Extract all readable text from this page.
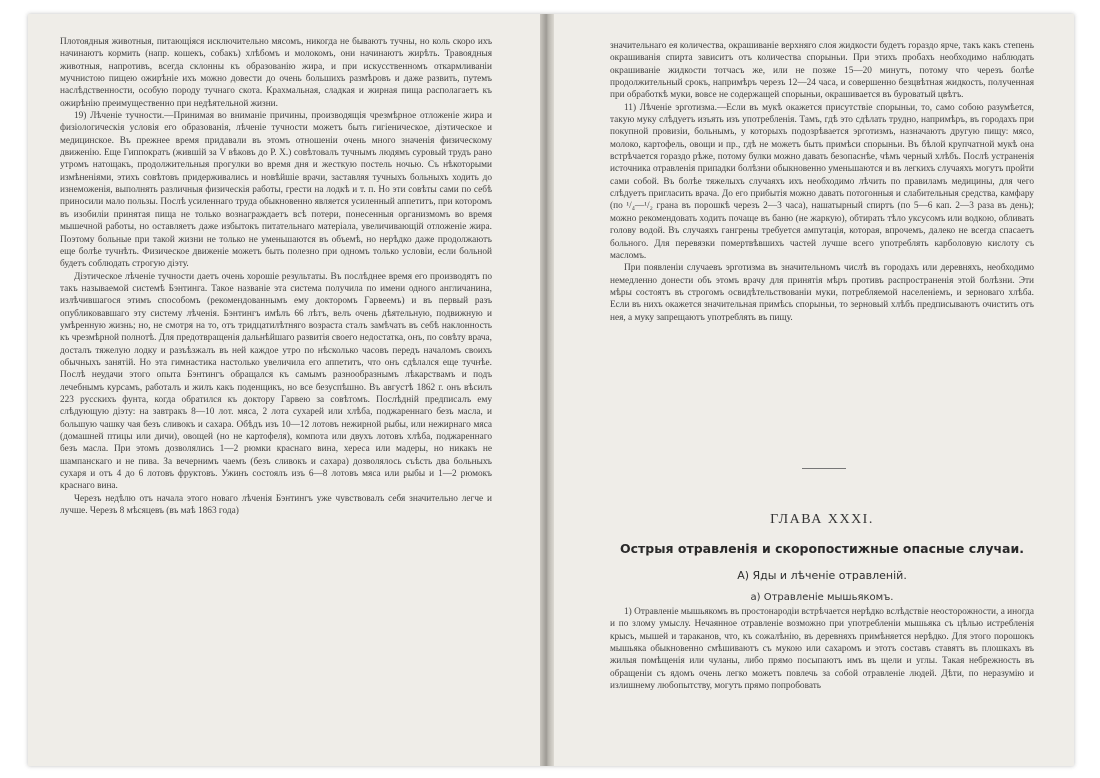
Плотоядныя животныя, питающіяся исключительно мясомъ, никогда не бываютъ тучны, но коль скоро ихъ начинаютъ кормить (напр. кошекъ, собакъ) хлѣбомъ и молокомъ, они начинаютъ жирѣть. Травоядныя животныя, напротивъ, всегда склонны къ образованію жира, и при искусственномъ откармливаніи мучнистою пищею ожирѣніе ихъ можно довести до очень большихъ размѣровъ и даже развить, путемъ наслѣдственности, особую породу тучнаго скота. Крахмальная, сладкая и жирная пища располагаетъ къ ожирѣнію преимущественно при недѣятельной жизни.

19) Лѣченіе тучности.—Принимая во вниманіе причины, производящія чрезмѣрное отложеніе жира и физіологическія условія его образованія, лѣченіе тучности можетъ быть гигіеническое, діэтическое и медицинское. Въ прежнее время придавали въ этомъ отношеніи очень много значенія физическому движенію. Еще Гиппократъ (жившій за V вѣковъ до Р. Х.) совѣтовалъ тучнымъ людямъ суровый трудъ рано утромъ натощакъ, продолжительныя прогулки во время дня и жесткую постель ночью. Съ нѣкоторыми измѣненіями, этихъ совѣтовъ придерживались и новѣйшіе врачи, заставляя тучныхъ больныхъ ходить до изнеможенія, выполнять различныя физическія работы, грести на лодкѣ и т. п. Но эти совѣты сами по себѣ приносили мало пользы. Послѣ усиленнаго труда обыкновенно является усиленный аппетитъ, при которомъ въ изобиліи принятая пища не только вознаграждаетъ всѣ потери, понесенныя организмомъ во время мышечной работы, но оставляетъ даже избытокъ питательнаго матеріала, увеличивающій отложеніе жира. Поэтому больные при такой жизни не только не уменьшаются въ объемѣ, но нерѣдко даже продолжаютъ еще болѣе тучнѣть. Физическое движеніе можетъ быть полезно при одномъ только условіи, если больной будетъ соблюдать строгую діэту.

Діэтическое лѣченіе тучности даетъ очень хорошіе результаты. Въ послѣднее время его производятъ по такъ называемой системѣ Бэнтинга. Такое названіе эта система получила по имени одного англичанина, излѣчившагося этимъ способомъ (рекомендованнымъ ему докторомъ Гарвеемъ) и въ первый разъ опубликовавшаго эту систему лѣченія. Бэнтингъ имѣлъ 66 лѣтъ, велъ очень дѣятельную, подвижную и умѣренную жизнь; но, не смотря на то, отъ тридцатилѣтняго возраста сталъ замѣчать въ себѣ наклонность къ чрезмѣрной полнотѣ. Для предотвращенія дальнѣйшаго развитія своего недостатка, онъ, по совѣту врача, досталъ тяжелую лодку и разъѣзжалъ въ ней каждое утро по нѣсколько часовъ передъ началомъ своихъ обычныхъ занятій. Но эта гимнастика настолько увеличила его аппетитъ, что онъ сдѣлался еще тучнѣе. Послѣ неудачи этого опыта Бэнтингъ обращался къ самымъ разнообразнымъ лѣкарствамъ и подъ лечебнымъ курсамъ, работалъ и жилъ какъ поденщикъ, но все безуспѣшно. Въ августѣ 1862 г. онъ вѣсилъ 223 русскихъ фунта, когда обратился къ доктору Гарвею за совѣтомъ. Послѣдній предписалъ ему слѣдующую діэту: на завтракъ 8—10 лот. мяса, 2 лота сухарей или хлѣба, поджареннаго безъ масла, и большую чашку чая безъ сливокъ и сахара. Обѣдъ изъ 10—12 лотовъ нежирной рыбы, или нежирнаго мяса (домашней птицы или дичи), овощей (но не картофеля), компота или двухъ лотовъ хлѣба, поджареннаго безъ масла. При этомъ дозволялись 1—2 рюмки краснаго вина, хереса или мадеры, но никакъ не шампанскаго и не пива. За вечернимъ чаемъ (безъ сливокъ и сахара) дозволялось съѣсть два больныхъ сухаря и отъ 4 до 6 лотовъ фруктовъ. Ужинъ состоялъ изъ 6—8 лотовъ мяса или рыбы и 1—2 рюмокъ краснаго вина.

Черезъ недѣлю отъ начала этого новаго лѣченія Бэнтингъ уже чувствовалъ себя значительно легче и лучше. Черезъ 8 мѣсяцевъ (въ маѣ 1863 года)

значительнаго ея количества, окрашиваніе верхняго слоя жидкости будетъ гораздо ярче, такъ какъ степень окрашиванія спирта зависитъ отъ количества спорыньи. При этихъ пробахъ необходимо наблюдать окрашиваніе жидкости тотчасъ же, или не позже 15—20 минутъ, потому что черезъ болѣе продолжительный срокъ, напримѣръ черезъ 12—24 часа, и совершенно безцвѣтная жидкость, полученная при обработкѣ муки, вовсе не содержащей спорыньи, окрашивается въ буроватый цвѣтъ.

11) Лѣченіе эрготизма.—Если въ мукѣ окажется присутствіе спорыньи, то, само собою разумѣется, такую муку слѣдуетъ изъять изъ употребленія. Тамъ, гдѣ это сдѣлать трудно, напримѣръ, въ городахъ при покупной провизіи, больнымъ, у которыхъ подозрѣвается эрготизмъ, назначаютъ другую пищу: мясо, молоко, картофель, овощи и пр., гдѣ не можетъ быть примѣси спорыньи. Въ бѣлой крупчатной мукѣ она встрѣчается гораздо рѣже, потому булки можно давать безопаснѣе, чѣмъ черный хлѣбъ. Послѣ устраненія источника отравленія припадки болѣзни обыкновенно уменьшаются и въ легкихъ случаяхъ могутъ пройти сами собой. Въ болѣе тяжелыхъ случаяхъ ихъ необходимо лѣчить по правиламъ медицины, для чего слѣдуетъ пригласить врача. До его прибытія можно давать потогонныя и слабительныя средства, камфару (по ¹/₄—¹/₂ грана въ порошкѣ черезъ 2—3 часа), нашатырный спиртъ (по 5—6 кап. 2—3 раза въ день); можно рекомендовать ходить почаще въ баню (не жаркую), обтирать тѣло уксусомъ или водкою, обливать голову водой. Въ случаяхъ гангрены требуется ампутація, которая, впрочемъ, далеко не всегда спасаетъ больного. Для перевязки помертвѣвшихъ частей лучше всего употреблять карболовую кислоту съ масломъ.

При появленіи случаевъ эрготизма въ значительномъ числѣ въ городахъ или деревняхъ, необходимо немедленно донести объ этомъ врачу для принятія мѣръ противъ распространенія этой болѣзни. Эти мѣры состоятъ въ строгомъ освидѣтельствованіи муки, потребляемой населеніемъ, и зерноваго хлѣба. Если въ нихъ окажется значительная примѣсь спорыньи, то зерновый хлѣбъ предписываютъ очистить отъ нея, а муку запрещаютъ употреблять въ пищу.

ГЛАВА XXXI.
Острыя отравленія и скоропостижные опасные случаи.
А) Яды и лѣченіе отравленій.
а) Отравленіе мышьякомъ.

1) Отравленіе мышьякомъ въ простонародіи встрѣчается нерѣдко вслѣдствіе неосторожности, а иногда и по злому умыслу. Нечаянное отравленіе возможно при употребленіи мышьяка съ цѣлью истребленія крысъ, мышей и тараканов, что, къ сожалѣнію, въ деревняхъ примѣняется нерѣдко. Для этого порошокъ мышьяка обыкновенно смѣшиваютъ съ мукою или сахаромъ и этотъ составъ ставятъ въ плошкахъ въ жилыя помѣщенія или чуланы, либо прямо посыпаютъ имъ въ щели и углы. Такая небрежность въ обращеніи съ ядомъ очень легко можетъ повлечь за собой отравленіе людей. Дѣти, по неразумію и излишнему любопытству, могутъ прямо попробовать
